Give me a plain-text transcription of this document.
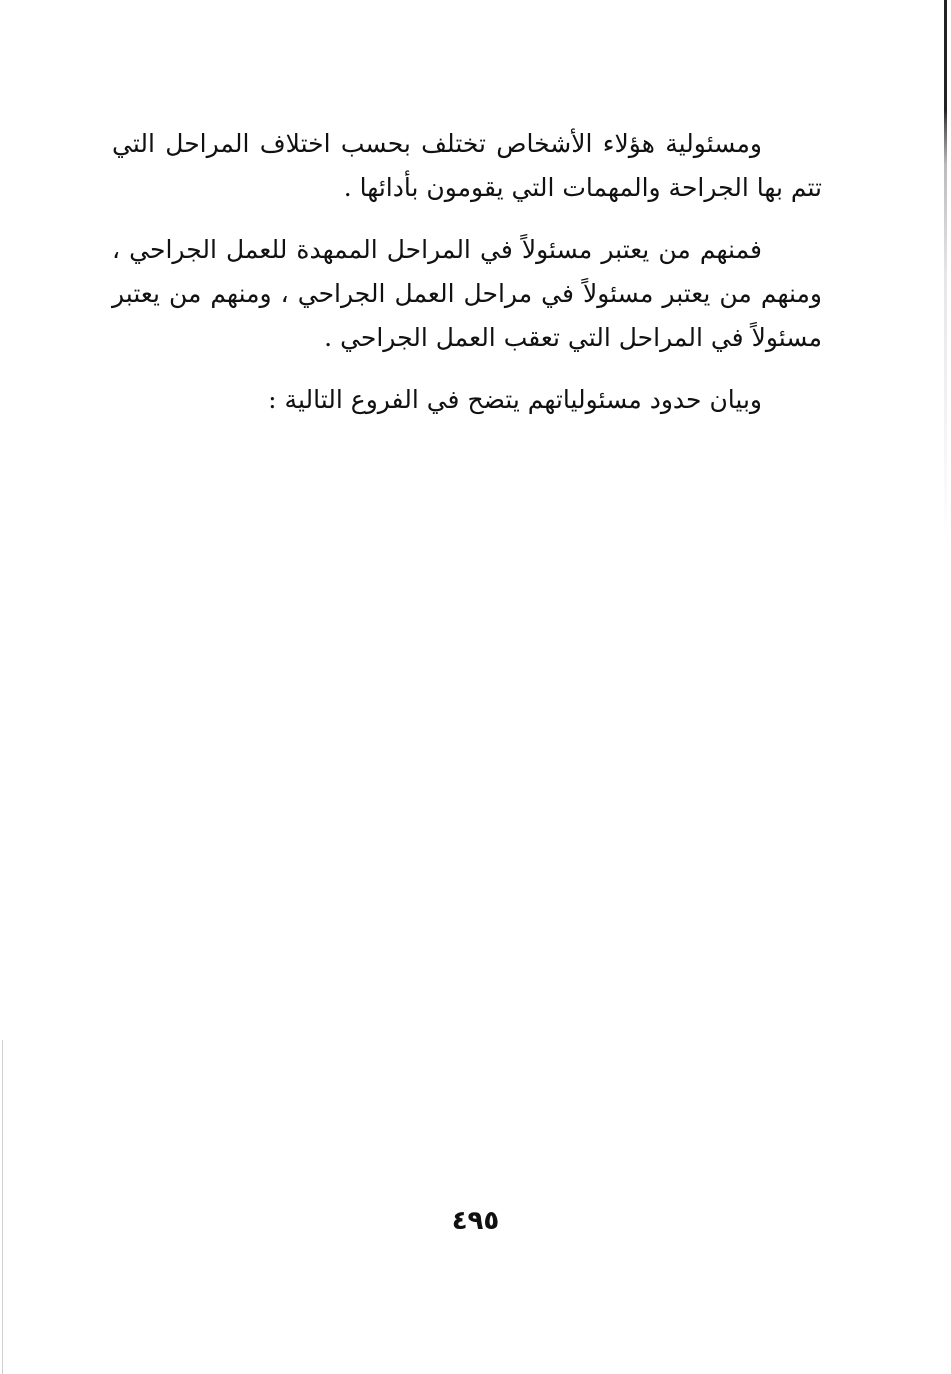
ومسئولية هؤلاء الأشخاص تختلف بحسب اختلاف المراحل التي تتم بها الجراحة والمهمات التي يقومون بأدائها .

فمنهم من يعتبر مسئولاً في المراحل الممهدة للعمل الجراحي ، ومنهم من يعتبر مسئولاً في مراحل العمل الجراحي ، ومنهم من يعتبر مسئولاً في المراحل التي تعقب العمل الجراحي .

وبيان حدود مسئولياتهم يتضح في الفروع التالية :

٤٩٥
